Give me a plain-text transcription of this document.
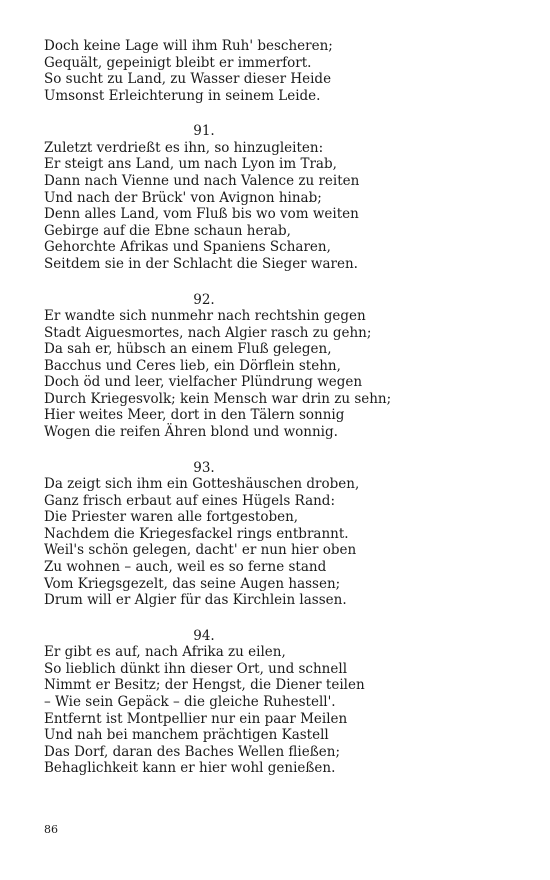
Doch keine Lage will ihm Ruh' bescheren;
Gequält, gepeinigt bleibt er immerfort.
So sucht zu Land, zu Wasser dieser Heide
Umsonst Erleichterung in seinem Leide.
91.
Zuletzt verdrießt es ihn, so hinzugleiten:
Er steigt ans Land, um nach Lyon im Trab,
Dann nach Vienne und nach Valence zu reiten
Und nach der Brück' von Avignon hinab;
Denn alles Land, vom Fluß bis wo vom weiten
Gebirge auf die Ebne schaun herab,
Gehorchte Afrikas und Spaniens Scharen,
Seitdem sie in der Schlacht die Sieger waren.
92.
Er wandte sich nunmehr nach rechtshin gegen
Stadt Aiguesmortes, nach Algier rasch zu gehn;
Da sah er, hübsch an einem Fluß gelegen,
Bacchus und Ceres lieb, ein Dörflein stehn,
Doch öd und leer, vielfacher Plündrung wegen
Durch Kriegesvolk; kein Mensch war drin zu sehn;
Hier weites Meer, dort in den Tälern sonnig
Wogen die reifen Ähren blond und wonnig.
93.
Da zeigt sich ihm ein Gotteshäuschen droben,
Ganz frisch erbaut auf eines Hügels Rand:
Die Priester waren alle fortgestoben,
Nachdem die Kriegesfackel rings entbrannt.
Weil's schön gelegen, dacht' er nun hier oben
Zu wohnen – auch, weil es so ferne stand
Vom Kriegsgezelt, das seine Augen hassen;
Drum will er Algier für das Kirchlein lassen.
94.
Er gibt es auf, nach Afrika zu eilen,
So lieblich dünkt ihn dieser Ort, und schnell
Nimmt er Besitz; der Hengst, die Diener teilen
– Wie sein Gepäck – die gleiche Ruhestell'.
Entfernt ist Montpellier nur ein paar Meilen
Und nah bei manchem prächtigen Kastell
Das Dorf, daran des Baches Wellen fließen;
Behaglichkeit kann er hier wohl genießen.
86
